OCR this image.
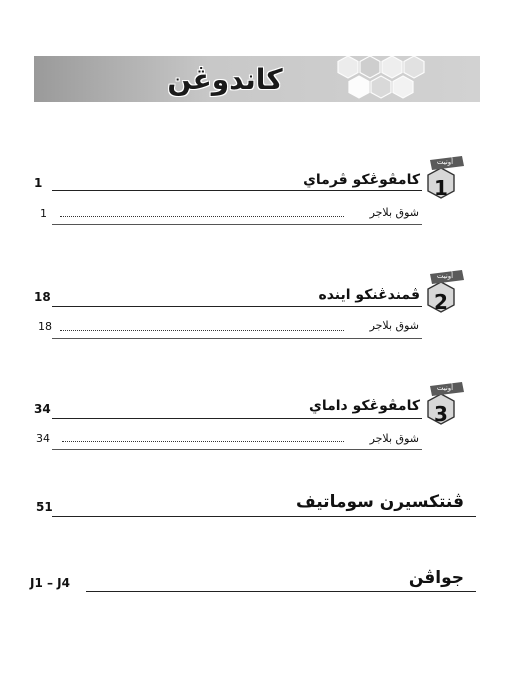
كاندوڠن
أونيت
1
كامڤوڠكو ڤرماي
1
شوق بلاجر
1
أونيت
2
ڤمندڠنكو ايندە
18
شوق بلاجر
18
أونيت
3
كامڤوڠكو داماي
34
شوق بلاجر
34
ڤنتكسيرن سوماتيف
51
جواڤن
J1 – J4
